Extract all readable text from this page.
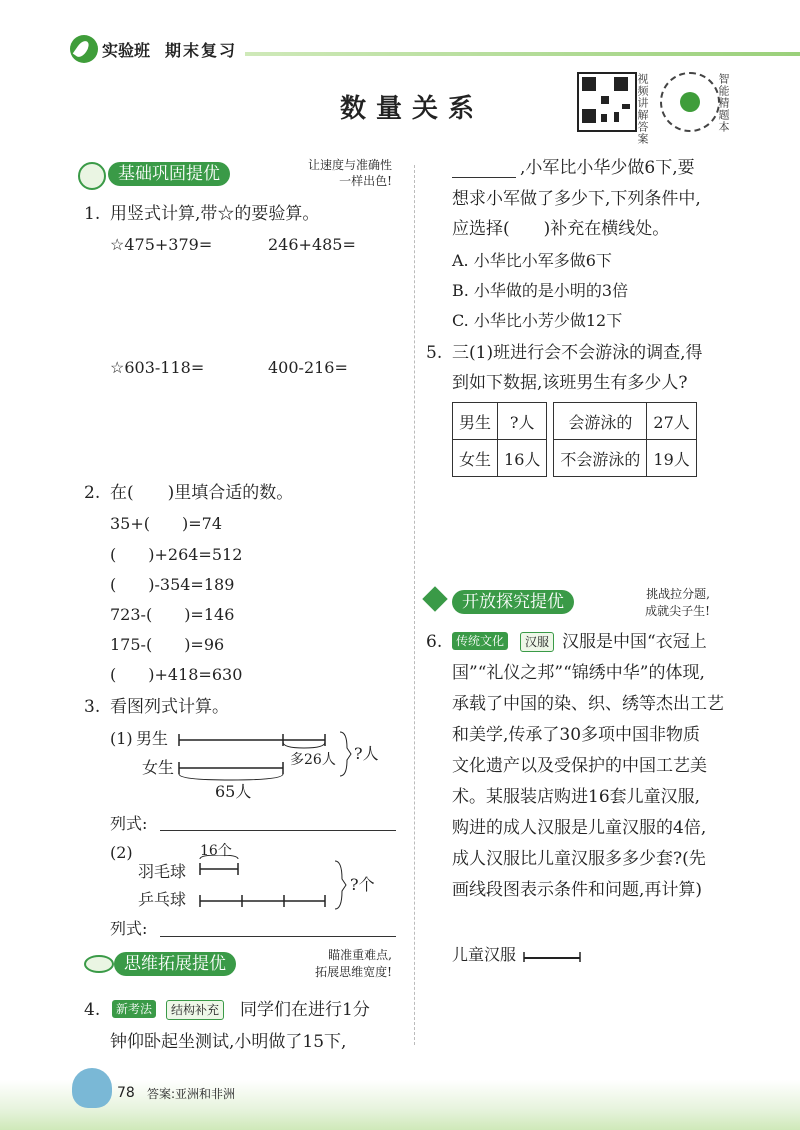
实验班 期末复习
数量关系	视频讲解答案	智能精题本
基础巩固提优	让速度与准确性
一样出色!
1. 用竖式计算,带☆的要验算。
☆475+379=	246+485=
☆603-118=	400-216=
2. 在(　　)里填合适的数。
35+(　　)=74
(　　)+264=512
(　　)-354=189
723-(　　)=146
175-(　　)=96
(　　)+418=630
3. 看图列式计算。
(1) 男生
女生	多26人 ?人
65人
列式:
(2)	16个
羽毛球
乒乓球
?个
列式:
思维拓展提优	瞄准重难点,
拓展思维宽度!
4.	新考法	结构补充 同学们在进行1分
钟仰卧起坐测试,小明做了15下,
　　　　,小军比小华少做6下,要
想求小军做了多少下,下列条件中,
应选择(　　)补充在横线处。
A. 小华比小军多做6下
B. 小华做的是小明的3倍
C. 小华比小芳少做12下
5. 三(1)班进行会不会游泳的调查,得
到如下数据,该班男生有多少人?
男生	?人		会游泳的	27人
女生	16人		不会游泳的	19人
开放探究提优	挑战拉分题,
成就尖子生!
6.	传统文化	汉服 汉服是中国“衣冠上
国”“礼仪之邦”“锦绣中华”的体现,
承载了中国的染、织、绣等杰出工艺
和美学,传承了30多项中国非物质
文化遗产以及受保护的中国工艺美
术。某服装店购进16套儿童汉服,
购进的成人汉服是儿童汉服的4倍,
成人汉服比儿童汉服多多少套?(先
画线段图表示条件和问题,再计算)
儿童汉服
78 答案:亚洲和非洲
